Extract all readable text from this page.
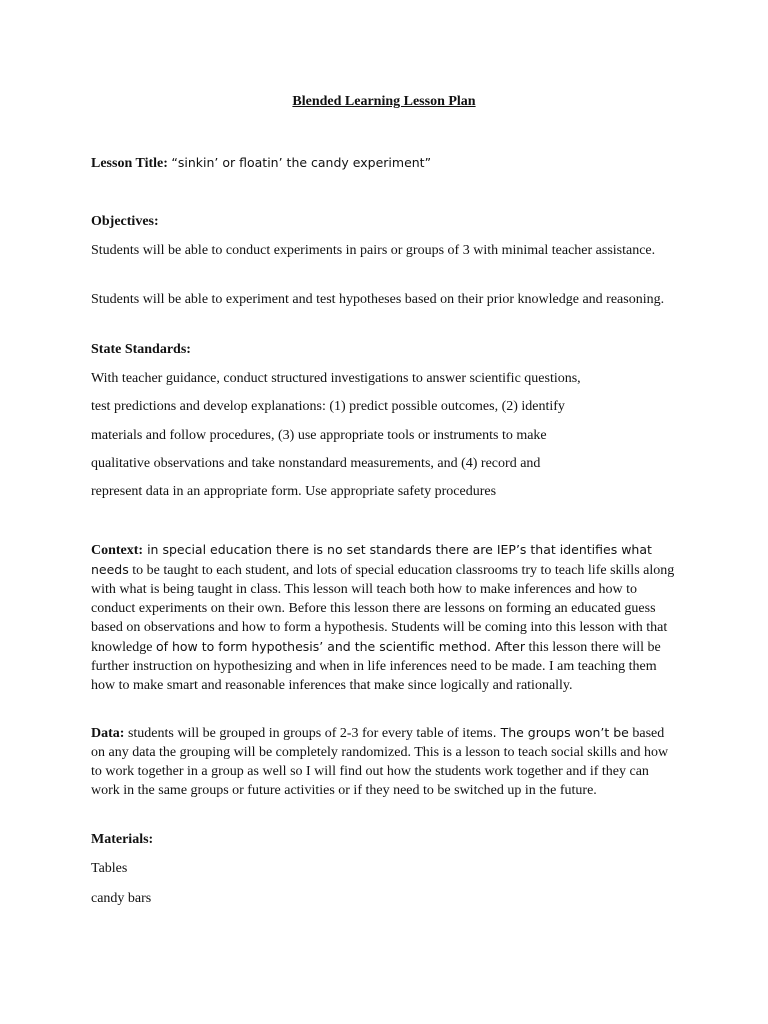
Blended Learning Lesson Plan

Lesson Title: “sinkin’ or floatin’ the candy experiment”

Objectives:

Students will be able to conduct experiments in pairs or groups of 3 with minimal teacher assistance.

Students will be able to experiment and test hypotheses based on their prior knowledge and reasoning.

State Standards:

With teacher guidance, conduct structured investigations to answer scientific questions,
test predictions and develop explanations: (1) predict possible outcomes, (2) identify
materials and follow procedures, (3) use appropriate tools or instruments to make
qualitative observations and take nonstandard measurements, and (4) record and
represent data in an appropriate form. Use appropriate safety procedures

Context: in special education there is no set standards there are IEP’s that identifies what needs to be taught to each student, and lots of special education classrooms try to teach life skills along with what is being taught in class. This lesson will teach both how to make inferences and how to conduct experiments on their own. Before this lesson there are lessons on forming an educated guess based on observations and how to form a hypothesis. Students will be coming into this lesson with that knowledge of how to form hypothesis’ and the scientific method. After this lesson there will be further instruction on hypothesizing and when in life inferences need to be made. I am teaching them how to make smart and reasonable inferences that make since logically and rationally.

Data: students will be grouped in groups of 2-3 for every table of items. The groups won’t be based on any data the grouping will be completely randomized. This is a lesson to teach social skills and how to work together in a group as well so I will find out how the students work together and if they can work in the same groups or future activities or if they need to be switched up in the future.

Materials:

Tables

candy bars
